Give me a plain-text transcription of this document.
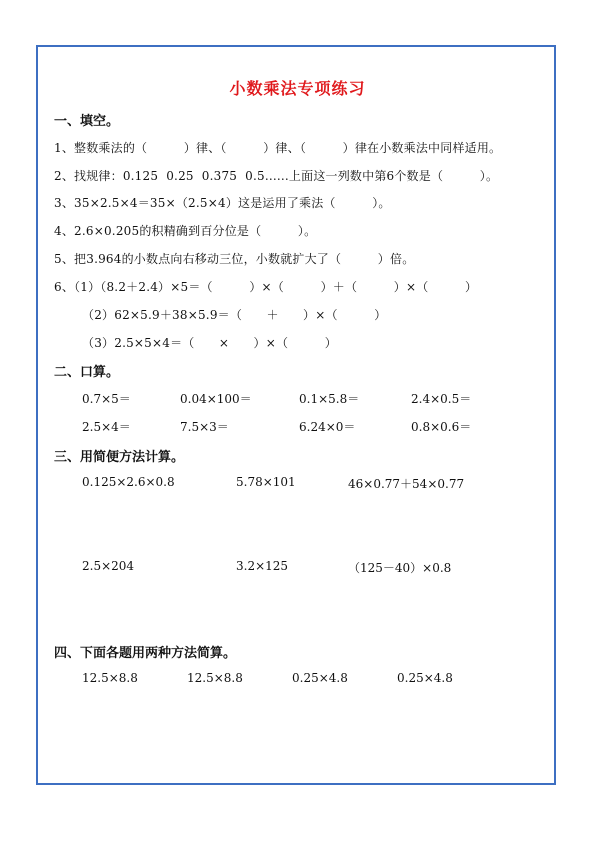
小数乘法专项练习
一、填空。
1、整数乘法的（　　　）律、（　　　）律、（　　　）律在小数乘法中同样适用。
2、找规律：0.125  0.25  0.375  0.5......上面这一列数中第6个数是（　　　）。
3、35×2.5×4＝35×（2.5×4）这是运用了乘法（　　　）。
4、2.6×0.205的积精确到百分位是（　　　）。
5、把3.964的小数点向右移动三位，小数就扩大了（　　　）倍。
6、（1）（8.2＋2.4）×5＝（　　　）×（　　　）＋（　　　）×（　　　）
（2）62×5.9＋38×5.9＝（　　＋　　）×（　　　）
（3）2.5×5×4＝（　　×　　）×（　　　）
二、口算。
0.7×5＝	0.04×100＝	0.1×5.8＝	2.4×0.5＝
2.5×4＝	7.5×3＝	6.24×0＝	0.8×0.6＝
三、用简便方法计算。
0.125×2.6×0.8	5.78×101	46×0.77＋54×0.77
2.5×204	3.2×125	（125－40）×0.8
四、下面各题用两种方法简算。
12.5×8.8	12.5×8.8	0.25×4.8	0.25×4.8
